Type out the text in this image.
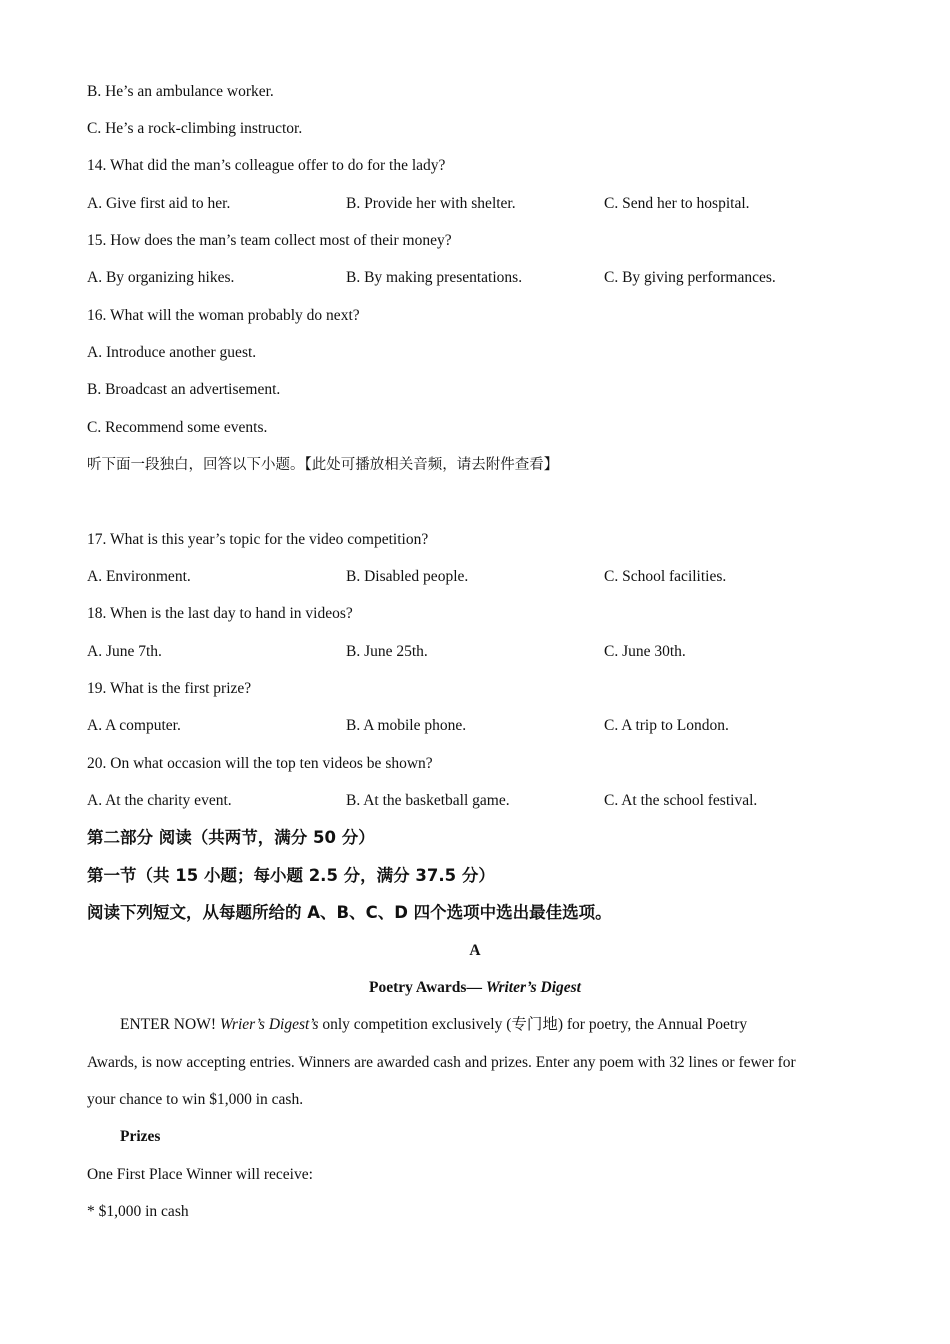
B. He’s an ambulance worker.
C. He’s a rock-climbing instructor.
14. What did the man’s colleague offer to do for the lady?
A. Give first aid to her.	B. Provide her with shelter.	C. Send her to hospital.
15. How does the man’s team collect most of their money?
A. By organizing hikes.	B. By making presentations.	C. By giving performances.
16. What will the woman probably do next?
A. Introduce another guest.
B. Broadcast an advertisement.
C. Recommend some events.
听下面一段独白，回答以下小题。【此处可播放相关音频，请去附件查看】
17. What is this year’s topic for the video competition?
A. Environment.	B. Disabled people.	C. School facilities.
18. When is the last day to hand in videos?
A. June 7th.	B. June 25th.	C. June 30th.
19. What is the first prize?
A. A computer.	B. A mobile phone.	C. A trip to London.
20. On what occasion will the top ten videos be shown?
A. At the charity event.	B. At the basketball game.	C. At the school festival.
第二部分 阅读（共两节，满分 50 分）
第一节（共 15 小题；每小题 2.5 分，满分 37.5 分）
阅读下列短文，从每题所给的 A、B、C、D 四个选项中选出最佳选项。
A
Poetry Awards— Writer’s Digest
ENTER NOW! Wrier’s Digest’s only competition exclusively (专门地) for poetry, the Annual Poetry
Awards, is now accepting entries. Winners are awarded cash and prizes. Enter any poem with 32 lines or fewer for
your chance to win $1,000 in cash.
Prizes
One First Place Winner will receive:
* $1,000 in cash
